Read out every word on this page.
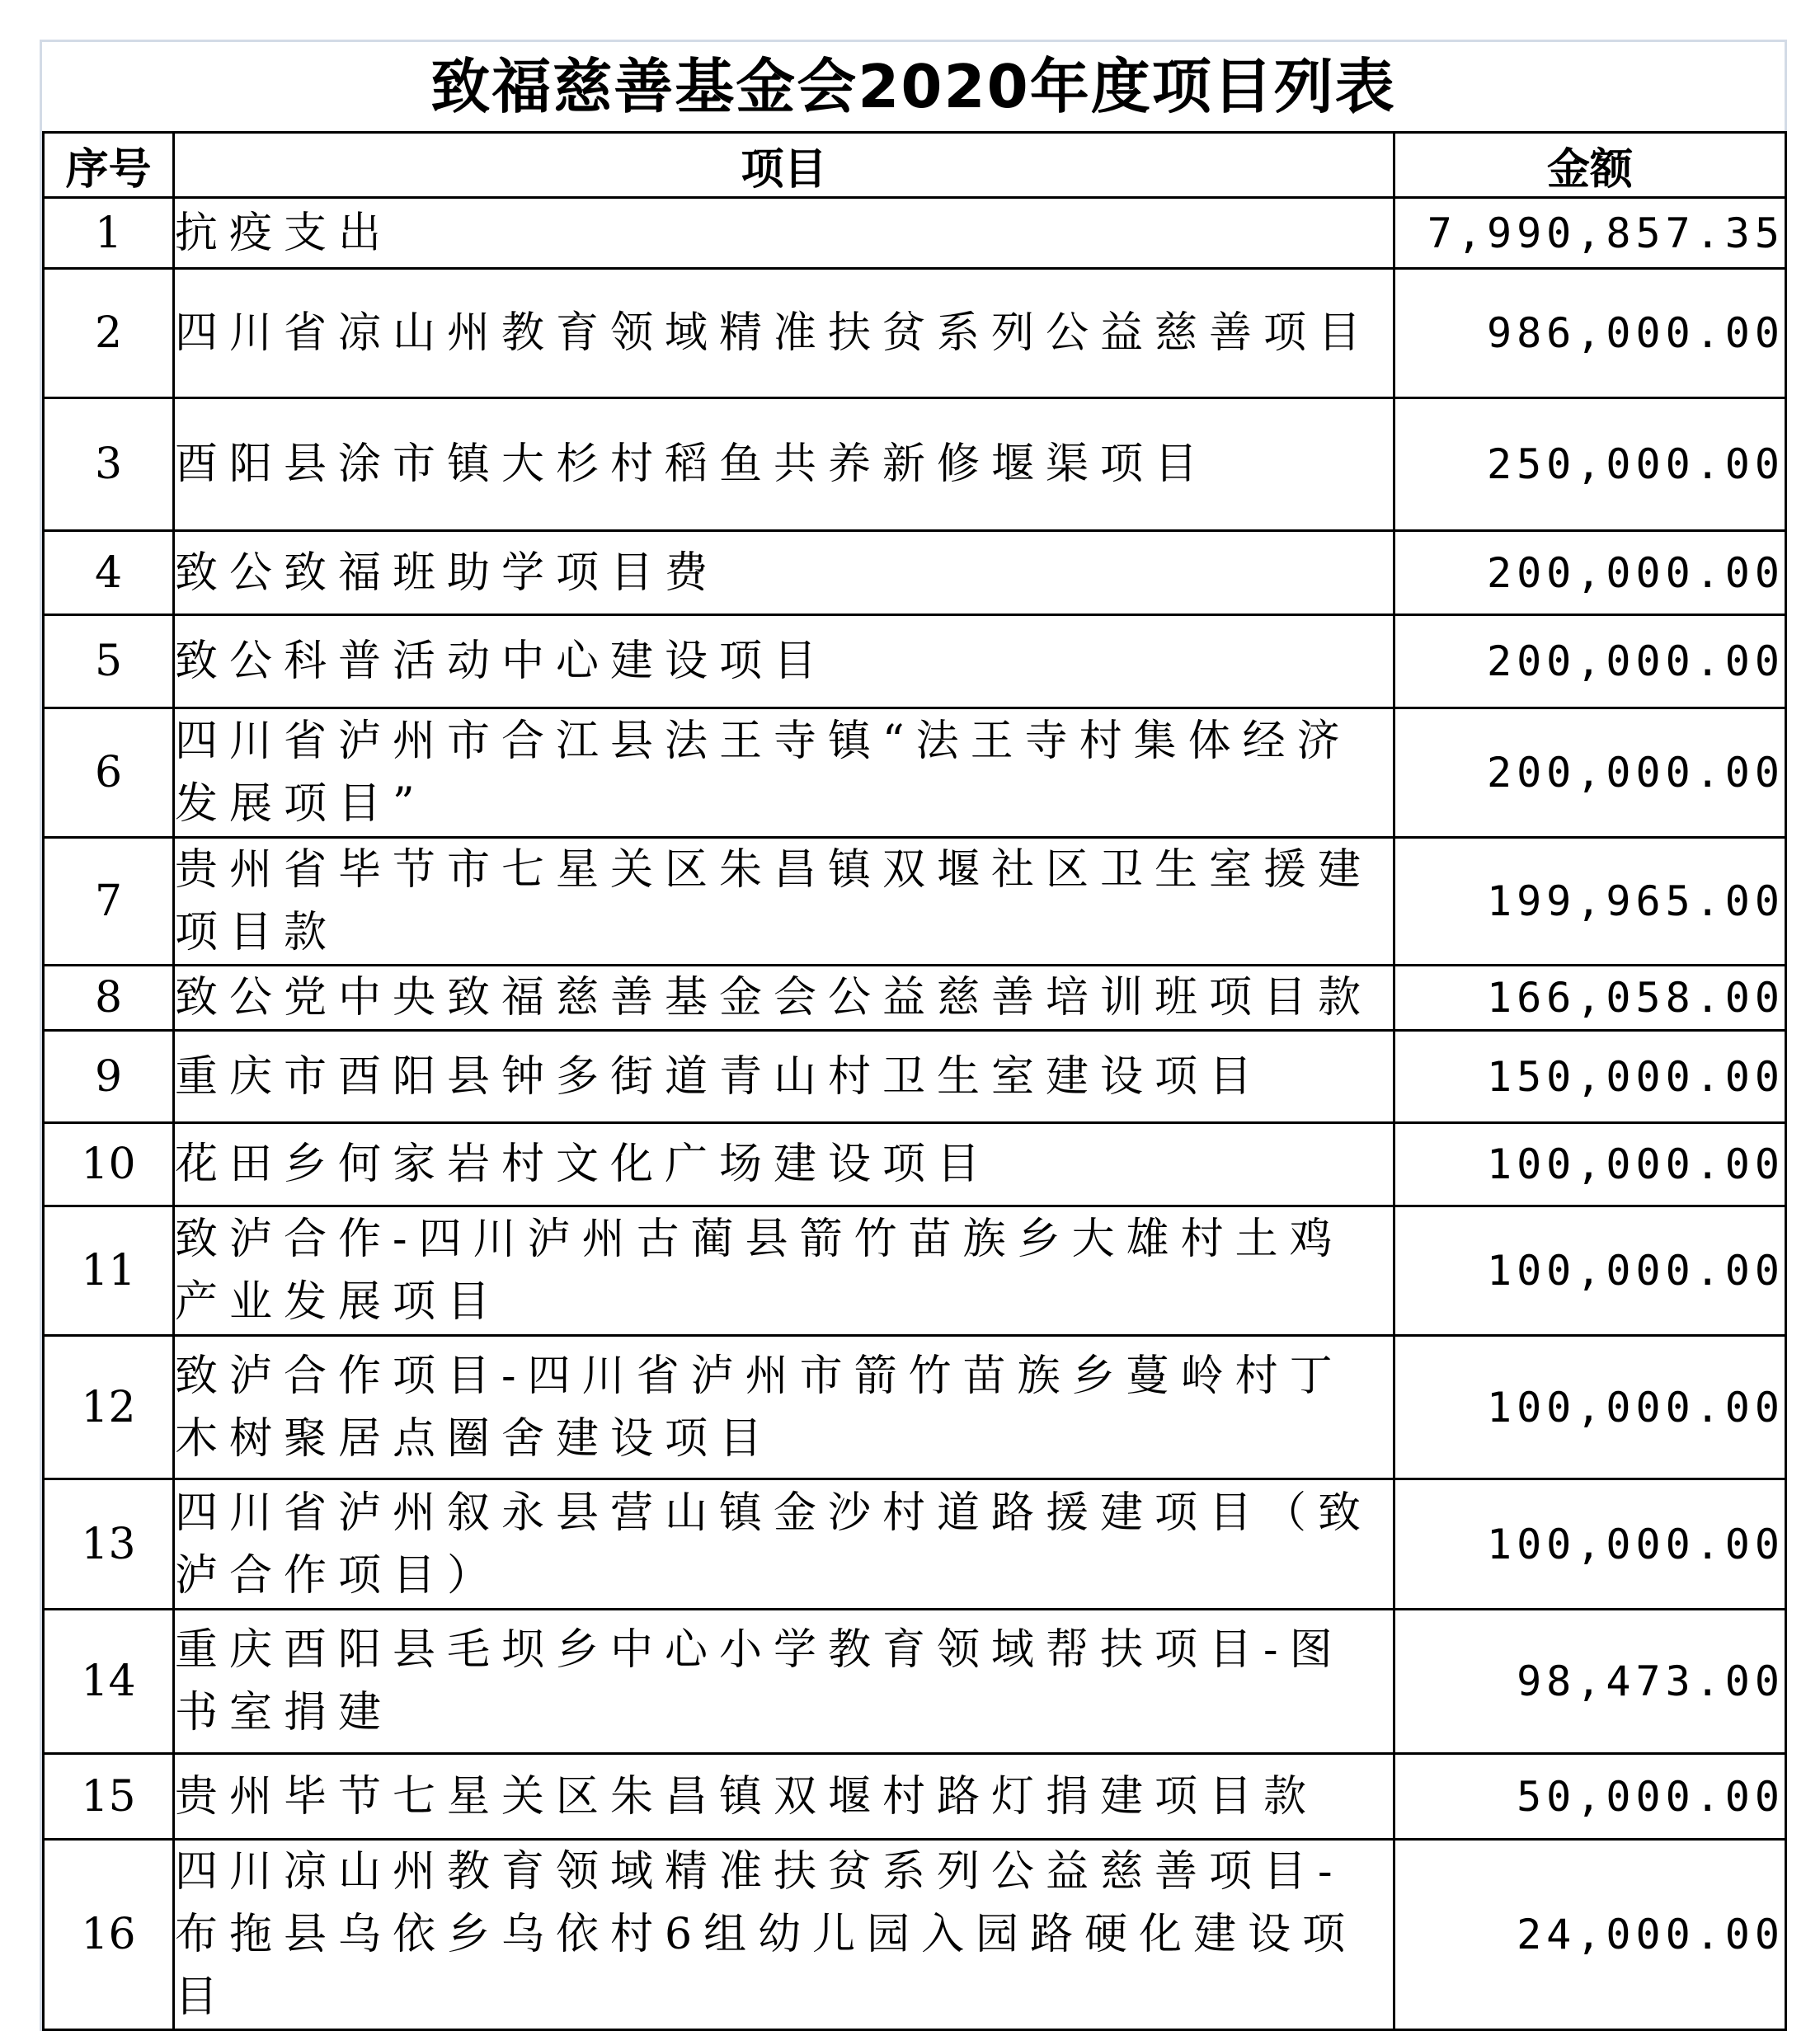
致福慈善基金会2020年度项目列表
序号	项目	金额
1	抗疫支出	7,990,857.35
2	四川省凉山州教育领域精准扶贫系列公益慈善项目	986,000.00
3	酉阳县涂市镇大杉村稻鱼共养新修堰渠项目	250,000.00
4	致公致福班助学项目费	200,000.00
5	致公科普活动中心建设项目	200,000.00
6	四川省泸州市合江县法王寺镇“法王寺村集体经济发展项目”	200,000.00
7	贵州省毕节市七星关区朱昌镇双堰社区卫生室援建项目款	199,965.00
8	致公党中央致福慈善基金会公益慈善培训班项目款	166,058.00
9	重庆市酉阳县钟多街道青山村卫生室建设项目	150,000.00
10	花田乡何家岩村文化广场建设项目	100,000.00
11	致泸合作-四川泸州古蔺县箭竹苗族乡大雄村土鸡产业发展项目	100,000.00
12	致泸合作项目-四川省泸州市箭竹苗族乡蔓岭村丁木树聚居点圈舍建设项目	100,000.00
13	四川省泸州叙永县营山镇金沙村道路援建项目（致泸合作项目）	100,000.00
14	重庆酉阳县毛坝乡中心小学教育领域帮扶项目-图书室捐建	98,473.00
15	贵州毕节七星关区朱昌镇双堰村路灯捐建项目款	50,000.00
16	四川凉山州教育领域精准扶贫系列公益慈善项目-布拖县乌依乡乌依村6组幼儿园入园路硬化建设项目	24,000.00
